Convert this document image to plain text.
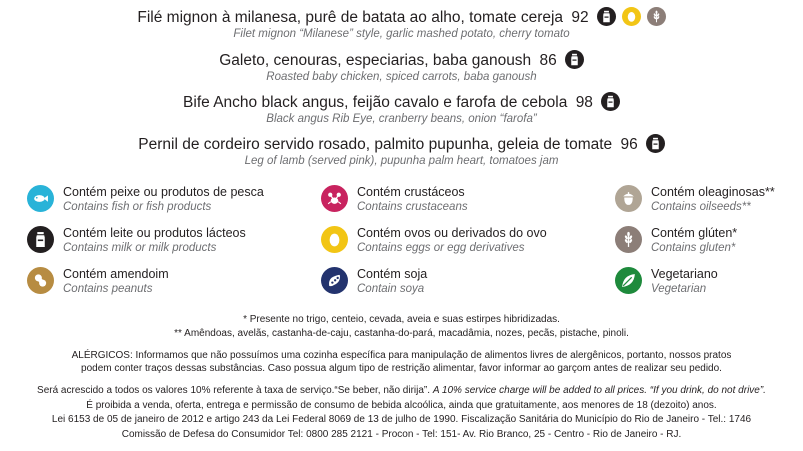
Filé mignon à milanesa, purê de batata ao alho, tomate cereja 92
Filet mignon “Milanese” style, garlic mashed potato, cherry tomato
Galeto, cenouras, especiarias, baba ganoush 86
Roasted baby chicken, spiced carrots, baba ganoush
Bife Ancho black angus, feijão cavalo e farofa de cebola 98
Black angus Rib Eye, cranberry beans, onion “farofa”
Pernil de cordeiro servido rosado, palmito pupunha, geleia de tomate 96
Leg of lamb (served pink), pupunha palm heart, tomatoes jam
Contém peixe ou produtos de pesca
Contains fish or fish products
Contém crustáceos
Contains crustaceans
Contém oleaginosas**
Contains oilseeds**
Contém leite ou produtos lácteos
Contains milk or milk products
Contém ovos ou derivados do ovo
Contains eggs or egg derivatives
Contém glúten*
Contains gluten*
Contém amendoim
Contains peanuts
Contém soja
Contain soya
Vegetariano
Vegetarian
* Presente no trigo, centeio, cevada, aveia e suas estirpes hibridizadas.
** Amêndoas, avelãs, castanha-de-caju, castanha-do-pará, macadâmia, nozes, pecãs, pistache, pinoli.
ALÉRGICOS: Informamos que não possuímos uma cozinha específica para manipulação de alimentos livres de alergênicos, portanto, nossos pratos
podem conter traços dessas substâncias. Caso possua algum tipo de restrição alimentar, favor informar ao garçom antes de realizar seu pedido.
Será acrescido a todos os valores 10% referente à taxa de serviço.“Se beber, não dirija”. A 10% service charge will be added to all prices. “If you drink, do not drive”.
É proibida a venda, oferta, entrega e permissão de consumo de bebida alcoólica, ainda que gratuitamente, aos menores de 18 (dezoito) anos.
Lei 6153 de 05 de janeiro de 2012 e artigo 243 da Lei Federal 8069 de 13 de julho de 1990. Fiscalização Sanitária do Município do Rio de Janeiro - Tel.: 1746
Comissão de Defesa do Consumidor Tel: 0800 285 2121 - Procon - Tel: 151- Av. Rio Branco, 25 - Centro - Rio de Janeiro - RJ.
